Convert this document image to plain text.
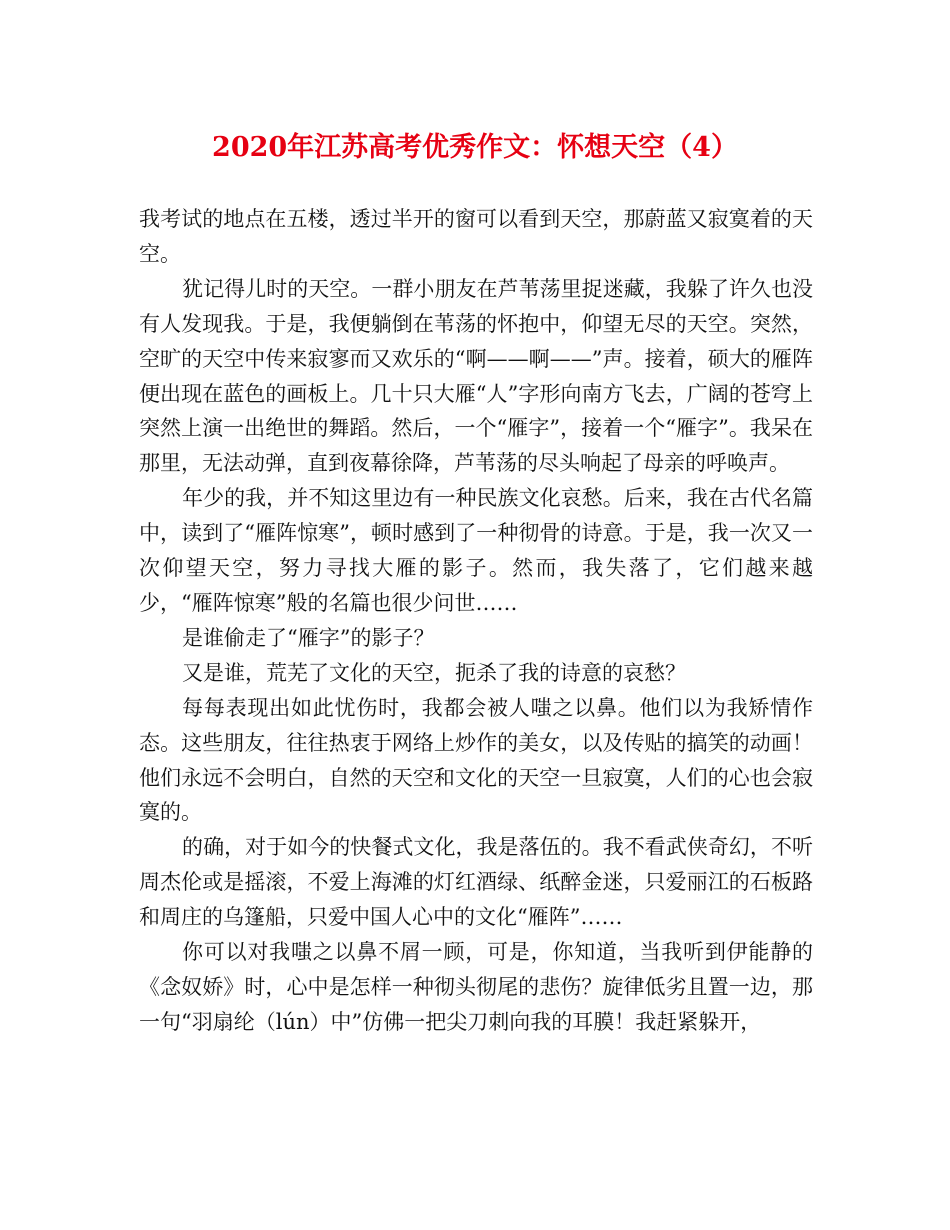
2020年江苏高考优秀作文：怀想天空（4）

我考试的地点在五楼，透过半开的窗可以看到天空，那蔚蓝又寂寞着的天空。

犹记得儿时的天空。一群小朋友在芦苇荡里捉迷藏，我躲了许久也没有人发现我。于是，我便躺倒在苇荡的怀抱中，仰望无尽的天空。突然，空旷的天空中传来寂寥而又欢乐的“啊——啊——”声。接着，硕大的雁阵便出现在蓝色的画板上。几十只大雁“人”字形向南方飞去，广阔的苍穹上突然上演一出绝世的舞蹈。然后，一个“雁字”，接着一个“雁字”。我呆在那里，无法动弹，直到夜幕徐降，芦苇荡的尽头响起了母亲的呼唤声。

年少的我，并不知这里边有一种民族文化哀愁。后来，我在古代名篇中，读到了“雁阵惊寒”，顿时感到了一种彻骨的诗意。于是，我一次又一次仰望天空，努力寻找大雁的影子。然而，我失落了，它们越来越少，“雁阵惊寒”般的名篇也很少问世……

是谁偷走了“雁字”的影子？

又是谁，荒芜了文化的天空，扼杀了我的诗意的哀愁？

每每表现出如此忧伤时，我都会被人嗤之以鼻。他们以为我矫情作态。这些朋友，往往热衷于网络上炒作的美女，以及传贴的搞笑的动画！他们永远不会明白，自然的天空和文化的天空一旦寂寞，人们的心也会寂寞的。

的确，对于如今的快餐式文化，我是落伍的。我不看武侠奇幻，不听周杰伦或是摇滚，不爱上海滩的灯红酒绿、纸醉金迷，只爱丽江的石板路和周庄的乌篷船，只爱中国人心中的文化“雁阵”……

你可以对我嗤之以鼻不屑一顾，可是，你知道，当我听到伊能静的《念奴娇》时，心中是怎样一种彻头彻尾的悲伤？旋律低劣且置一边，那一句“羽扇纶（lún）中”仿佛一把尖刀刺向我的耳膜！我赶紧躲开，
